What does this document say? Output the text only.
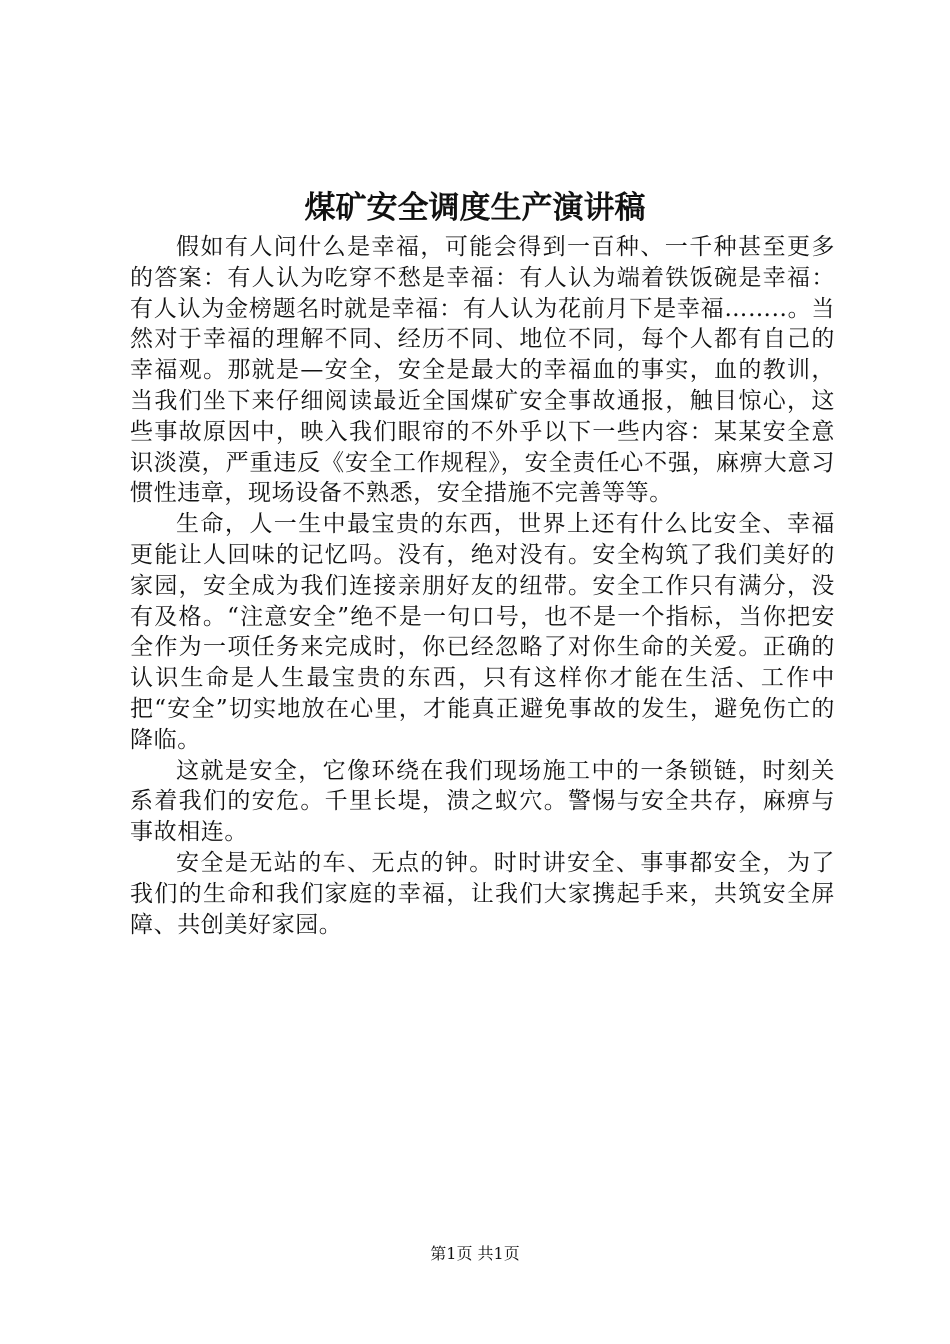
煤矿安全调度生产演讲稿

假如有人问什么是幸福，可能会得到一百种、一千种甚至更多的答案：有人认为吃穿不愁是幸福：有人认为端着铁饭碗是幸福：有人认为金榜题名时就是幸福：有人认为花前月下是幸福……..。当然对于幸福的理解不同、经历不同、地位不同，每个人都有自己的幸福观。那就是—安全，安全是最大的幸福血的事实，血的教训，当我们坐下来仔细阅读最近全国煤矿安全事故通报，触目惊心，这些事故原因中，映入我们眼帘的不外乎以下一些内容：某某安全意识淡漠，严重违反《安全工作规程》，安全责任心不强，麻痹大意习惯性违章，现场设备不熟悉，安全措施不完善等等。

生命，人一生中最宝贵的东西，世界上还有什么比安全、幸福更能让人回味的记忆吗。没有，绝对没有。安全构筑了我们美好的家园，安全成为我们连接亲朋好友的纽带。安全工作只有满分，没有及格。“注意安全”绝不是一句口号，也不是一个指标，当你把安全作为一项任务来完成时，你已经忽略了对你生命的关爱。正确的认识生命是人生最宝贵的东西，只有这样你才能在生活、工作中把“安全”切实地放在心里，才能真正避免事故的发生，避免伤亡的降临。

这就是安全，它像环绕在我们现场施工中的一条锁链，时刻关系着我们的安危。千里长堤，溃之蚁穴。警惕与安全共存，麻痹与事故相连。

安全是无站的车、无点的钟。时时讲安全、事事都安全，为了我们的生命和我们家庭的幸福，让我们大家携起手来，共筑安全屏障、共创美好家园。

第1页 共1页
